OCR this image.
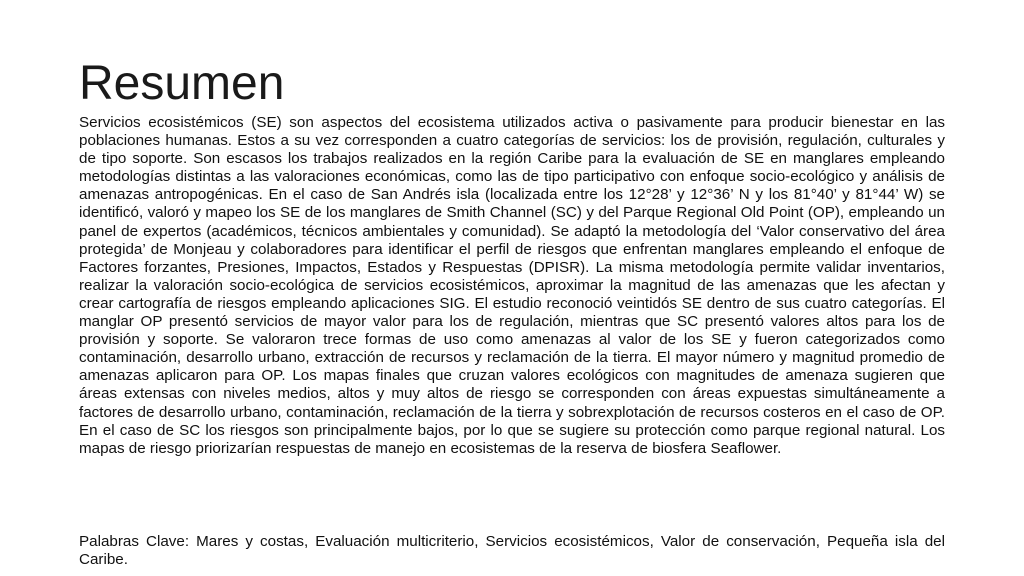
Resumen

Servicios ecosistémicos (SE) son aspectos del ecosistema utilizados activa o pasivamente para producir bienestar en las poblaciones humanas. Estos a su vez corresponden a cuatro categorías de servicios: los de provisión, regulación, culturales y de tipo soporte. Son escasos los trabajos realizados en la región Caribe para la evaluación de SE en manglares empleando metodologías distintas a las valoraciones económicas, como las de tipo participativo con enfoque socio-ecológico y análisis de amenazas antropogénicas. En el caso de San Andrés isla (localizada entre los 12°28’ y 12°36’ N y los 81°40’ y 81°44’ W) se identificó, valoró y mapeo los SE de los manglares de Smith Channel (SC) y del Parque Regional Old Point (OP), empleando un panel de expertos (académicos, técnicos ambientales y comunidad). Se adaptó la metodología del ‘Valor conservativo del área protegida’ de Monjeau y colaboradores para identificar el perfil de riesgos que enfrentan manglares empleando el enfoque de Factores forzantes, Presiones, Impactos, Estados y Respuestas (DPISR). La misma metodología permite validar inventarios, realizar la valoración socio-ecológica de servicios ecosistémicos, aproximar la magnitud de las amenazas que les afectan y crear cartografía de riesgos empleando aplicaciones SIG. El estudio reconoció veintidós SE dentro de sus cuatro categorías. El manglar OP presentó servicios de mayor valor para los de regulación, mientras que SC presentó valores altos para los de provisión y soporte. Se valoraron trece formas de uso como amenazas al valor de los SE y fueron categorizados como contaminación, desarrollo urbano, extracción de recursos y reclamación de la tierra. El mayor número y magnitud promedio de amenazas aplicaron para OP. Los mapas finales que cruzan valores ecológicos con magnitudes de amenaza sugieren que áreas extensas con niveles medios, altos y muy altos de riesgo se corresponden con áreas expuestas simultáneamente a factores de desarrollo urbano, contaminación, reclamación de la tierra y sobrexplotación de recursos costeros en el caso de OP. En el caso de SC los riesgos son principalmente bajos, por lo que se sugiere su protección como parque regional natural. Los mapas de riesgo priorizarían respuestas de manejo en ecosistemas de la reserva de biosfera Seaflower.

Palabras Clave: Mares y costas, Evaluación multicriterio, Servicios ecosistémicos, Valor de conservación, Pequeña isla del Caribe.
